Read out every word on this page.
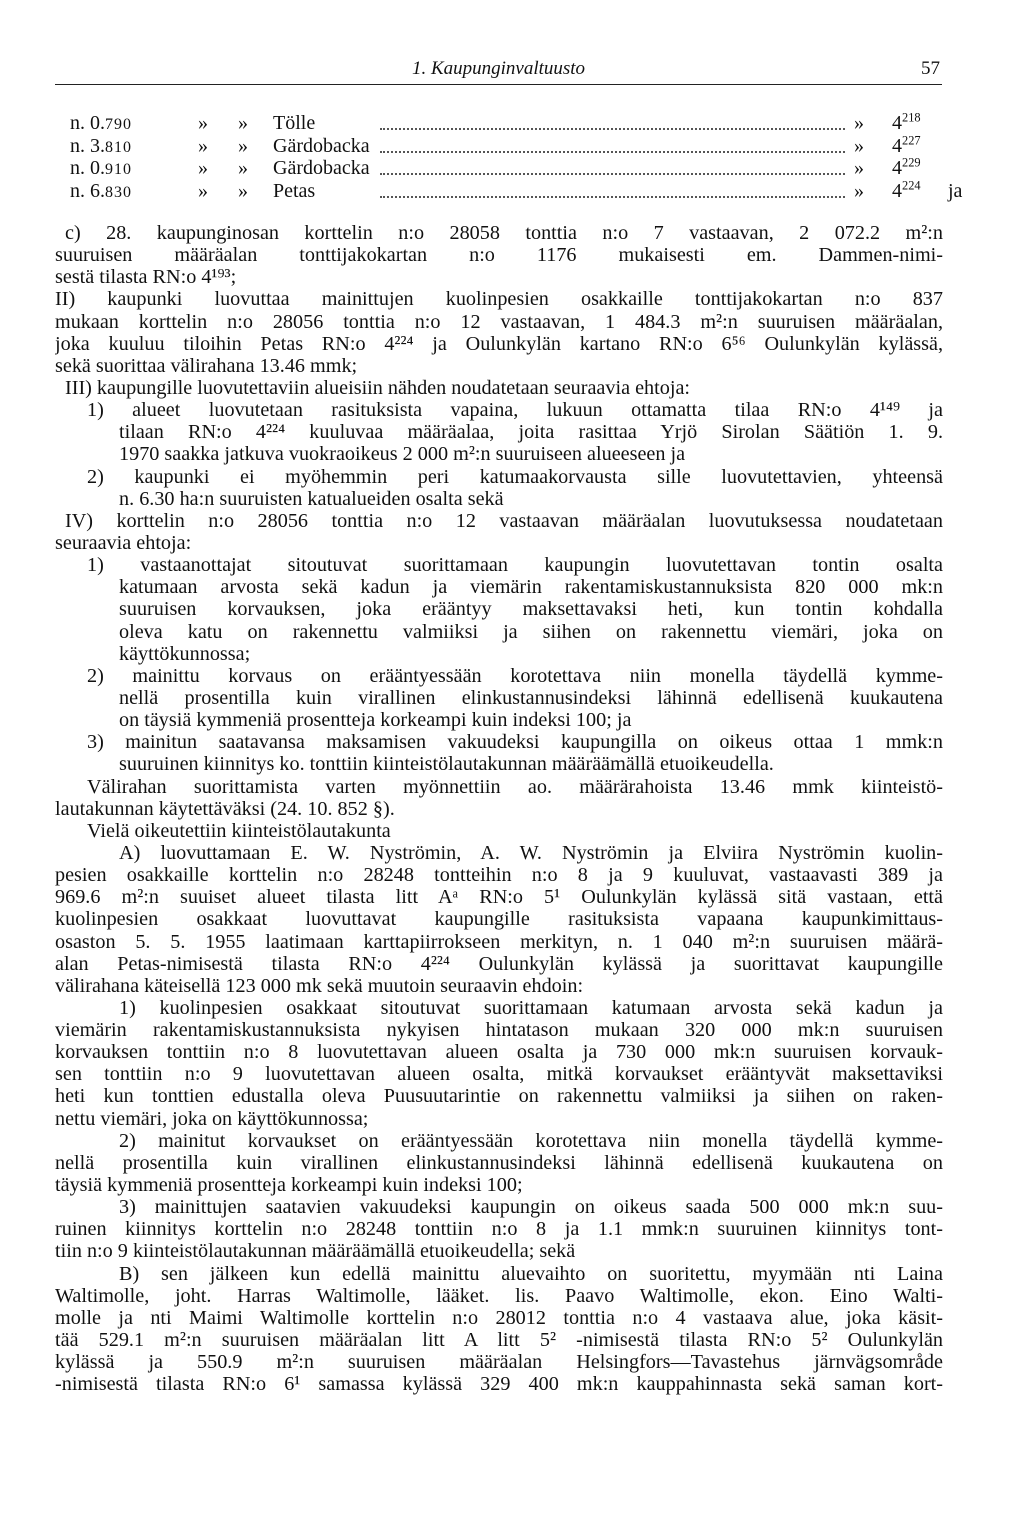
1. Kaupunginvaltuusto	57
n. 0.790	»      » Tölle	» $4^{218}$
n. 3.810	»      » Gärdobacka	» $4^{227}$
n. 0.910	»      » Gärdobacka	» $4^{229}$
n. 6.830	»      » Petas	» $4^{224}$ ja
c) 28. kaupunginosan korttelin n:o 28058 tonttia n:o 7 vastaavan, 2 072.2 m²:n
suuruisen määräalan tonttijakokartan n:o 1176 mukaisesti em. Dammen-nimi-
sestä tilasta RN:o 4¹⁹³;
II) kaupunki luovuttaa mainittujen kuolinpesien osakkaille tonttijakokartan n:o 837
mukaan korttelin n:o 28056 tonttia n:o 12 vastaavan, 1 484.3 m²:n suuruisen määräalan,
joka kuuluu tiloihin Petas RN:o 4²²⁴ ja Oulunkylän kartano RN:o 6⁵⁶ Oulunkylän kylässä,
sekä suorittaa välirahana 13.46 mmk;
III) kaupungille luovutettaviin alueisiin nähden noudatetaan seuraavia ehtoja:
1) alueet luovutetaan rasituksista vapaina, lukuun ottamatta tilaa RN:o 4¹⁴⁹ ja
tilaan RN:o 4²²⁴ kuuluvaa määräalaa, joita rasittaa Yrjö Sirolan Säätiön 1. 9.
1970 saakka jatkuva vuokraoikeus 2 000 m²:n suuruiseen alueeseen ja
2) kaupunki ei myöhemmin peri katumaakorvausta sille luovutettavien, yhteensä
n. 6.30 ha:n suuruisten katualueiden osalta sekä
IV) korttelin n:o 28056 tonttia n:o 12 vastaavan määräalan luovutuksessa noudatetaan
seuraavia ehtoja:
1) vastaanottajat sitoutuvat suorittamaan kaupungin luovutettavan tontin osalta
katumaan arvosta sekä kadun ja viemärin rakentamiskustannuksista 820 000 mk:n
suuruisen korvauksen, joka erääntyy maksettavaksi heti, kun tontin kohdalla
oleva katu on rakennettu valmiiksi ja siihen on rakennettu viemäri, joka on
käyttökunnossa;
2) mainittu korvaus on erääntyessään korotettava niin monella täydellä kymme-
nellä prosentilla kuin virallinen elinkustannusindeksi lähinnä edellisenä kuukautena
on täysiä kymmeniä prosentteja korkeampi kuin indeksi 100; ja
3) mainitun saatavansa maksamisen vakuudeksi kaupungilla on oikeus ottaa 1 mmk:n
suuruinen kiinnitys ko. tonttiin kiinteistölautakunnan määräämällä etuoikeudella.
Välirahan suorittamista varten myönnettiin ao. määrärahoista 13.46 mmk kiinteistö-
lautakunnan käytettäväksi (24. 10. 852 §).
Vielä oikeutettiin kiinteistölautakunta
A) luovuttamaan E. W. Nyströmin, A. W. Nyströmin ja Elviira Nyströmin kuolin-
pesien osakkaille korttelin n:o 28248 tontteihin n:o 8 ja 9 kuuluvat, vastaavasti 389 ja
969.6 m²:n suuiset alueet tilasta litt Aᵃ RN:o 5¹ Oulunkylän kylässä sitä vastaan, että
kuolinpesien osakkaat luovuttavat kaupungille rasituksista vapaana kaupunkimittaus-
osaston 5. 5. 1955 laatimaan karttapiirrokseen merkityn, n. 1 040 m²:n suuruisen määrä-
alan Petas-nimisestä tilasta RN:o 4²²⁴ Oulunkylän kylässä ja suorittavat kaupungille
välirahana käteisellä 123 000 mk sekä muutoin seuraavin ehdoin:
1) kuolinpesien osakkaat sitoutuvat suorittamaan katumaan arvosta sekä kadun ja
viemärin rakentamiskustannuksista nykyisen hintatason mukaan 320 000 mk:n suuruisen
korvauksen tonttiin n:o 8 luovutettavan alueen osalta ja 730 000 mk:n suuruisen korvauk-
sen tonttiin n:o 9 luovutettavan alueen osalta, mitkä korvaukset erääntyvät maksettaviksi
heti kun tonttien edustalla oleva Puusuutarintie on rakennettu valmiiksi ja siihen on raken-
nettu viemäri, joka on käyttökunnossa;
2) mainitut korvaukset on erääntyessään korotettava niin monella täydellä kymme-
nellä prosentilla kuin virallinen elinkustannusindeksi lähinnä edellisenä kuukautena on
täysiä kymmeniä prosentteja korkeampi kuin indeksi 100;
3) mainittujen saatavien vakuudeksi kaupungin on oikeus saada 500 000 mk:n suu-
ruinen kiinnitys korttelin n:o 28248 tonttiin n:o 8 ja 1.1 mmk:n suuruinen kiinnitys tont-
tiin n:o 9 kiinteistölautakunnan määräämällä etuoikeudella; sekä
B) sen jälkeen kun edellä mainittu aluevaihto on suoritettu, myymään nti Laina
Waltimolle, joht. Harras Waltimolle, lääket. lis. Paavo Waltimolle, ekon. Eino Walti-
molle ja nti Maimi Waltimolle korttelin n:o 28012 tonttia n:o 4 vastaava alue, joka käsit-
tää 529.1 m²:n suuruisen määräalan litt A litt 5² -nimisestä tilasta RN:o 5² Oulunkylän
kylässä ja 550.9 m²:n suuruisen määräalan Helsingfors—Tavastehus järnvägsområde
-nimisestä tilasta RN:o 6¹ samassa kylässä 329 400 mk:n kauppahinnasta sekä saman kort-
